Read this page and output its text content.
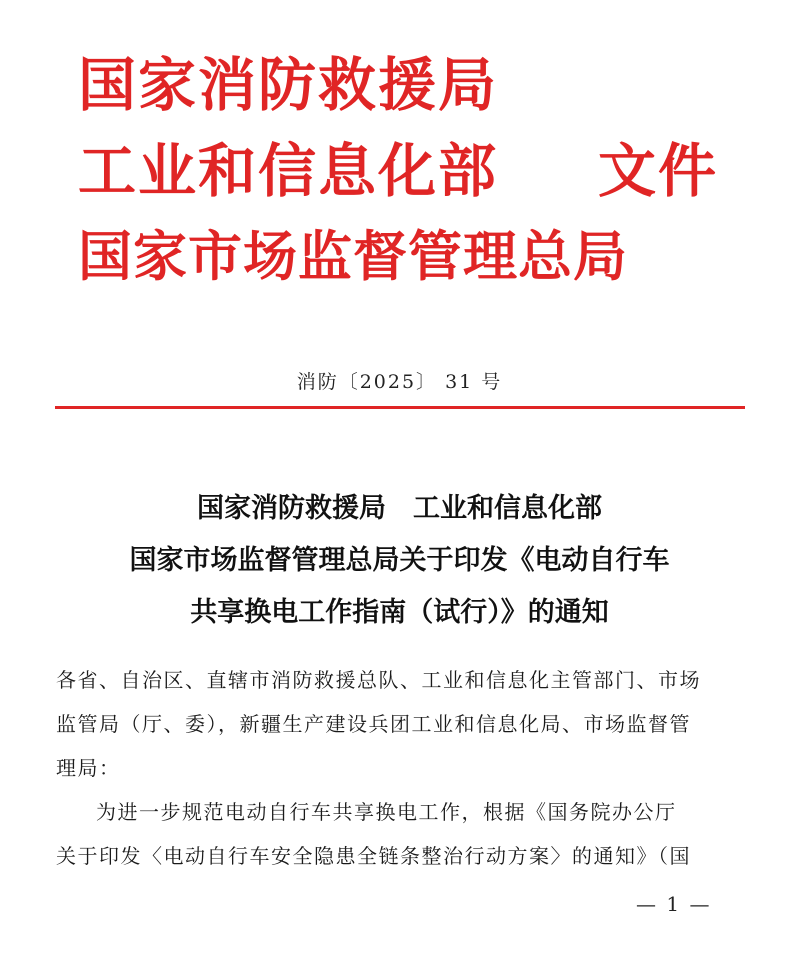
国家消防救援局
工业和信息化部 文件
国家市场监督管理总局
消防〔2025〕 31 号
国家消防救援局　工业和信息化部
国家市场监督管理总局关于印发《电动自行车
共享换电工作指南（试行）》的通知
各省、自治区、直辖市消防救援总队、工业和信息化主管部门、市场
监管局（厅、委），新疆生产建设兵团工业和信息化局、市场监督管
理局：
为进一步规范电动自行车共享换电工作，根据《国务院办公厅
关于印发〈电动自行车安全隐患全链条整治行动方案〉的通知》（国
— 1 —
